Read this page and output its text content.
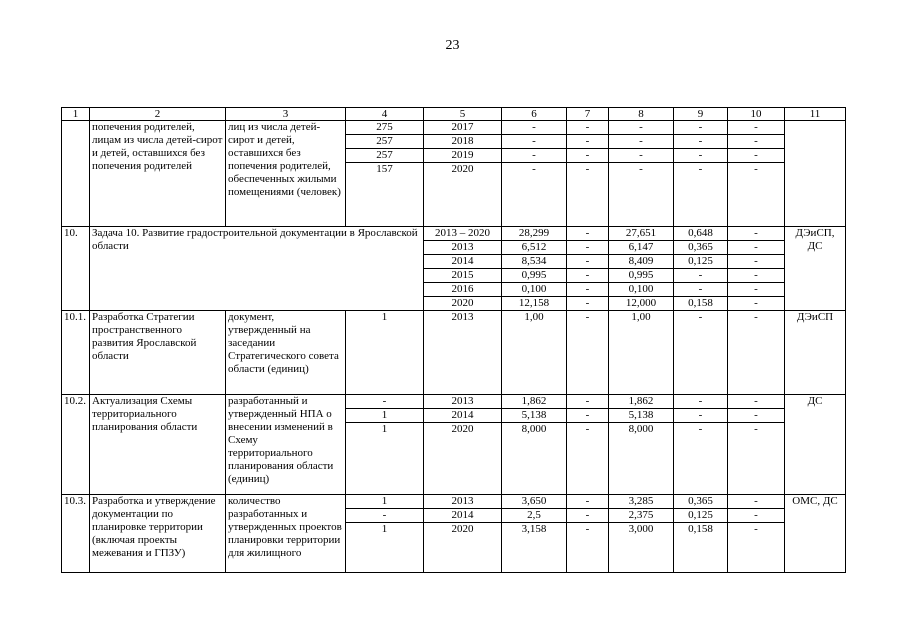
23
1	2	3	4	5	6	7	8	9	10	11
	попечения родителей, лицам из числа детей-сирот и детей, оставшихся без попечения родителей	лиц из числа детей-сирот и детей, оставшихся без попечения родителей, обеспеченных жилыми помещениями (человек)	275	2017	-	-	-	-	-	
			257	2018	-	-	-	-	-	
			257	2019	-	-	-	-	-	
			157	2020	-	-	-	-	-	

10.	Задача 10. Развитие градостроительной документации в Ярославской области			2013 – 2020	28,299	-	27,651	0,648	-	ДЭиСП, ДС
				2013	6,512	-	6,147	0,365	-	
				2014	8,534	-	8,409	0,125	-	
				2015	0,995	-	0,995	-	-	
				2016	0,100	-	0,100	-	-	
				2020	12,158	-	12,000	0,158	-	
10.1.	Разработка Стратегии пространственного развития Ярославской области	документ, утвержденный на заседании Стратегического совета области (единиц)	1	2013	1,00	-	1,00	-	-	ДЭиСП
10.2.	Актуализация Схемы территориального планирования области	разработанный и утвержденный НПА о внесении изменений в Схему территориального планирования области (единиц)	-	2013	1,862	-	1,862	-	-	ДС
			1	2014	5,138	-	5,138	-	-	
			1	2020	8,000	-	8,000	-	-	

10.3.	Разработка и утверждение документации по планировке территории (включая проекты межевания и ГПЗУ)	количество разработанных и утвержденных проектов планировки территории для жилищного	1	2013	3,650	-	3,285	0,365	-	ОМС, ДС
			-	2014	2,5	-	2,375	0,125	-	
			1	2020	3,158	-	3,000	0,158	-	
